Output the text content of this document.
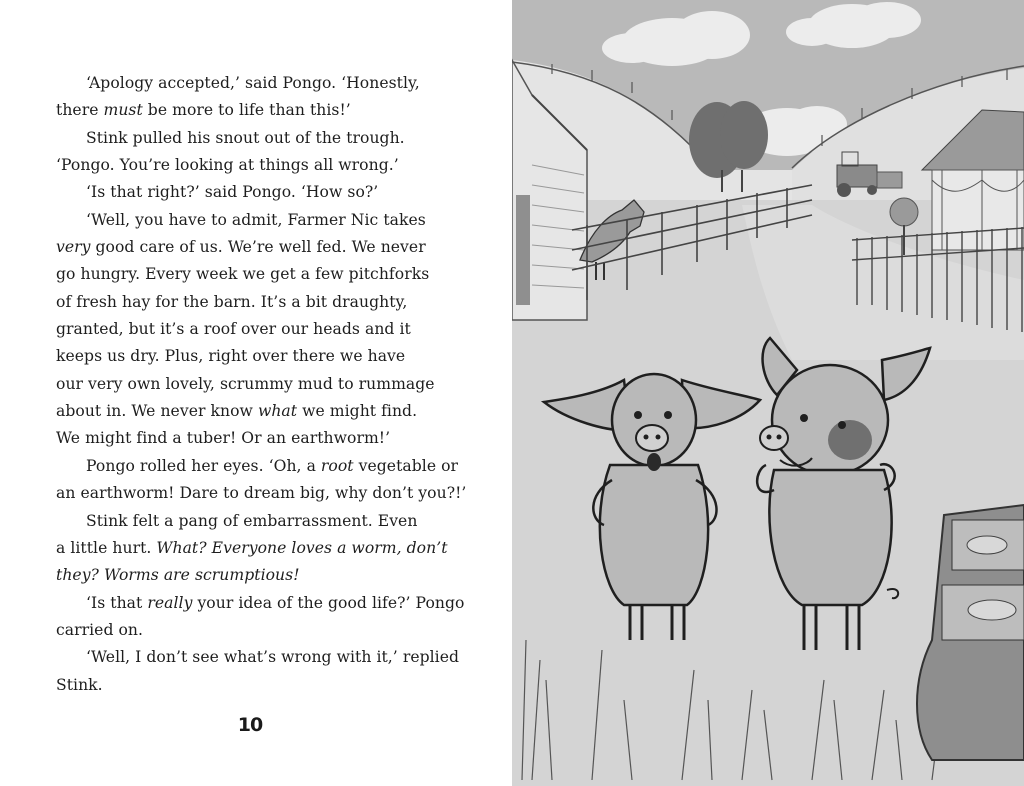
‘Apology accepted,’ said Pongo. ‘Honestly,
there must be more to life than this!’
Stink pulled his snout out of the trough.
‘Pongo. You’re looking at things all wrong.’
‘Is that right?’ said Pongo. ‘How so?’
‘Well, you have to admit, Farmer Nic takes
very good care of us. We’re well fed. We never
go hungry. Every week we get a few pitchforks
of fresh hay for the barn. It’s a bit draughty,
granted, but it’s a roof over our heads and it
keeps us dry. Plus, right over there we have
our very own lovely, scrummy mud to rummage
about in. We never know what we might find.
We might find a tuber! Or an earthworm!’
Pongo rolled her eyes. ‘Oh, a root vegetable or
an earthworm! Dare to dream big, why don’t you?!’
Stink felt a pang of embarrassment. Even
a little hurt. What? Everyone loves a worm, don’t
they? Worms are scrumptious!
‘Is that really your idea of the good life?’ Pongo
carried on.
‘Well, I don’t see what’s wrong with it,’ replied
Stink.
10
